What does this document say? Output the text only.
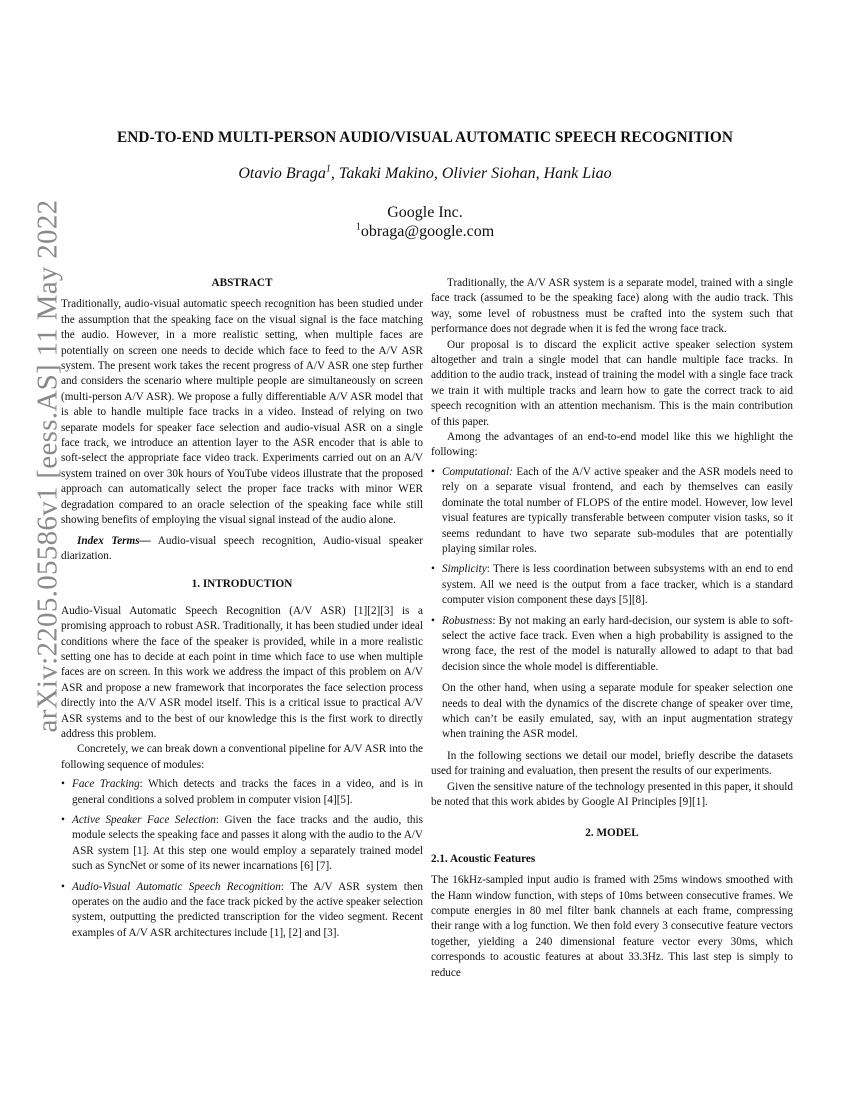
END-TO-END MULTI-PERSON AUDIO/VISUAL AUTOMATIC SPEECH RECOGNITION
Otavio Braga$^1$, Takaki Makino, Olivier Siohan, Hank Liao
Google Inc.
$^1$obraga@google.com
arXiv:2205.05586v1 [eess.AS] 11 May 2022	ABSTRACT

Traditionally, audio-visual automatic speech recognition has been studied under the assumption that the speaking face on the visual signal is the face matching the audio. However, in a more realistic setting, when multiple faces are potentially on screen one needs to decide which face to feed to the A/V ASR system. The present work takes the recent progress of A/V ASR one step further and considers the scenario where multiple people are simultaneously on screen (multi-person A/V ASR). We propose a fully differentiable A/V ASR model that is able to handle multiple face tracks in a video. Instead of relying on two separate models for speaker face selection and audio-visual ASR on a single face track, we introduce an attention layer to the ASR encoder that is able to soft-select the appropriate face video track. Experiments carried out on an A/V system trained on over 30k hours of YouTube videos illustrate that the proposed approach can automatically select the proper face tracks with minor WER degradation compared to an oracle selection of the speaking face while still showing benefits of employing the visual signal instead of the audio alone.

Index Terms— Audio-visual speech recognition, Audio-visual speaker diarization.

1. INTRODUCTION

Audio-Visual Automatic Speech Recognition (A/V ASR) [1][2][3] is a promising approach to robust ASR. Traditionally, it has been studied under ideal conditions where the face of the speaker is provided, while in a more realistic setting one has to decide at each point in time which face to use when multiple faces are on screen. In this work we address the impact of this problem on A/V ASR and propose a new framework that incorporates the face selection process directly into the A/V ASR model itself. This is a critical issue to practical A/V ASR systems and to the best of our knowledge this is the first work to directly address this problem.

Concretely, we can break down a conventional pipeline for A/V ASR into the following sequence of modules:

• Face Tracking: Which detects and tracks the faces in a video, and is in general conditions a solved problem in computer vision [4][5].
• Active Speaker Face Selection: Given the face tracks and the audio, this module selects the speaking face and passes it along with the audio to the A/V ASR system [1]. At this step one would employ a separately trained model such as SyncNet or some of its newer incarnations [6] [7].
• Audio-Visual Automatic Speech Recognition: The A/V ASR system then operates on the audio and the face track picked by the active speaker selection system, outputting the predicted transcription for the video segment. Recent examples of A/V ASR architectures include [1], [2] and [3].

Traditionally, the A/V ASR system is a separate model, trained with a single face track (assumed to be the speaking face) along with the audio track. This way, some level of robustness must be crafted into the system such that performance does not degrade when it is fed the wrong face track.

Our proposal is to discard the explicit active speaker selection system altogether and train a single model that can handle multiple face tracks. In addition to the audio track, instead of training the model with a single face track we train it with multiple tracks and learn how to gate the correct track to aid speech recognition with an attention mechanism. This is the main contribution of this paper.

Among the advantages of an end-to-end model like this we highlight the following:

• Computational: Each of the A/V active speaker and the ASR models need to rely on a separate visual frontend, and each by themselves can easily dominate the total number of FLOPS of the entire model. However, low level visual features are typically transferable between computer vision tasks, so it seems redundant to have two separate sub-modules that are potentially playing similar roles.
• Simplicity: There is less coordination between subsystems with an end to end system. All we need is the output from a face tracker, which is a standard computer vision component these days [5][8].
• Robustness: By not making an early hard-decision, our system is able to soft-select the active face track. Even when a high probability is assigned to the wrong face, the rest of the model is naturally allowed to adapt to that bad decision since the whole model is differentiable.
On the other hand, when using a separate module for speaker selection one needs to deal with the dynamics of the discrete change of speaker over time, which can’t be easily emulated, say, with an input augmentation strategy when training the ASR model.

In the following sections we detail our model, briefly describe the datasets used for training and evaluation, then present the results of our experiments.

Given the sensitive nature of the technology presented in this paper, it should be noted that this work abides by Google AI Principles [9][1].

2. MODEL

2.1. Acoustic Features

The 16kHz-sampled input audio is framed with 25ms windows smoothed with the Hann window function, with steps of 10ms between consecutive frames. We compute energies in 80 mel filter bank channels at each frame, compressing their range with a log function. We then fold every 3 consecutive feature vectors together, yielding a 240 dimensional feature vector every 30ms, which corresponds to acoustic features at about 33.3Hz. This last step is simply to reduce
